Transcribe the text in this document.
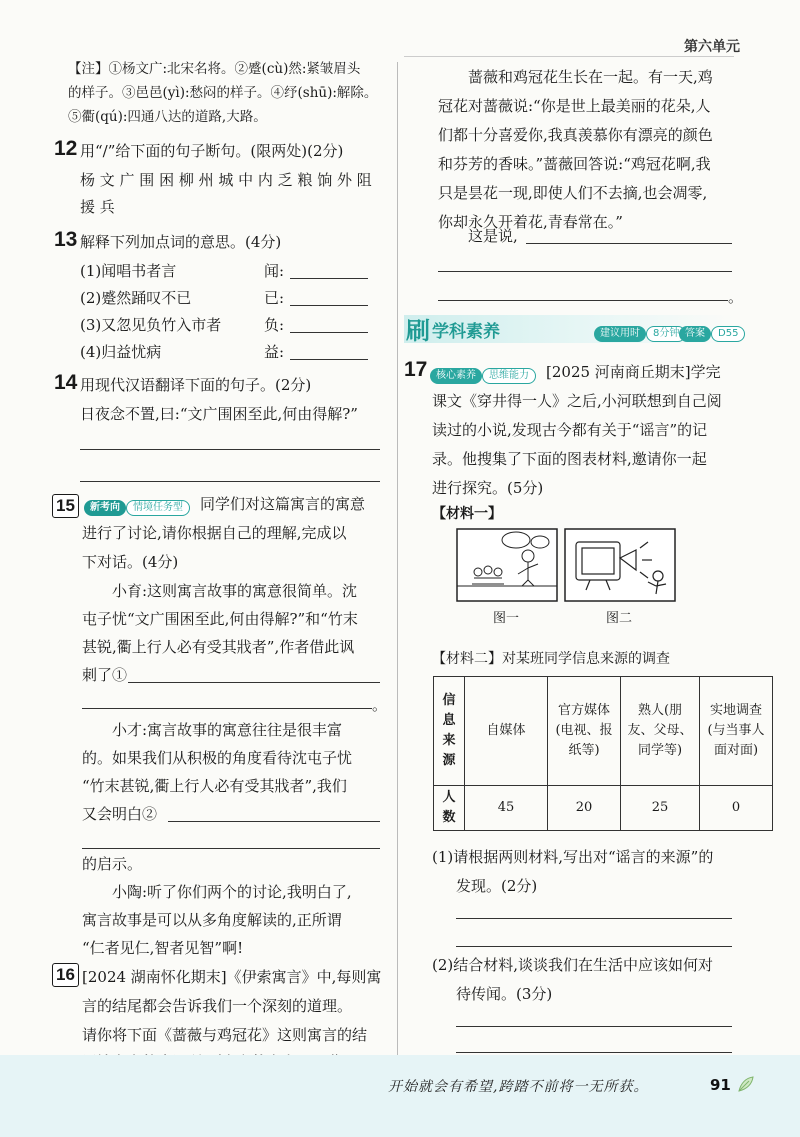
第六单元
【注】①杨文广:北宋名将。②蹙(cù)然:紧皱眉头
的样子。③邑邑(yì):愁闷的样子。④纾(shū):解除。
⑤衢(qú):四通八达的道路,大路。
12 用“/”给下面的句子断句。(限两处)(2分)
杨 文 广 围 困 柳 州 城 中 内 乏 粮 饷 外 阻
援 兵
13 解释下列加点词的意思。(4分)
(1)闻唱书者言	闻:
(2)蹙然踊叹不已	已:
(3)又忽见负竹入市者	负:
(4)归益忧病	益:
14 用现代汉语翻译下面的句子。(2分)
日夜念不置,曰:“文广围困至此,何由得解?”
15	新考向 情境任务型	同学们对这篇寓言的寓意
进行了讨论,请你根据自己的理解,完成以
下对话。(4分)
小育:这则寓言故事的寓意很简单。沈
屯子忧“文广围困至此,何由得解?”和“竹末
甚锐,衢上行人必有受其戕者”,作者借此讽
刺了①
。
小才:寓言故事的寓意往往是很丰富
的。如果我们从积极的角度看待沈屯子忧
“竹末甚锐,衢上行人必有受其戕者”,我们
又会明白②
的启示。
小陶:听了你们两个的讨论,我明白了,
寓言故事是可以从多角度解读的,正所谓
“仁者见仁,智者见智”啊!
16 [2024 湖南怀化期末]《伊索寓言》中,每则寓
言的结尾都会告诉我们一个深刻的道理。
请你将下面《蔷薇与鸡冠花》这则寓言的结
蔷薇和鸡冠花生长在一起。有一天,鸡
冠花对蔷薇说:“你是世上最美丽的花朵,人
们都十分喜爱你,我真羡慕你有漂亮的颜色
和芬芳的香味。”蔷薇回答说:“鸡冠花啊,我
只是昙花一现,即使人们不去摘,也会凋零,
你却永久开着花,青春常在。”
这是说,
。
刷 学科素养	建议用时 8分钟 答案 D55
17 核心素养 思维能力	[2025 河南商丘期末]学完
课文《穿井得一人》之后,小河联想到自己阅
读过的小说,发现古今都有关于“谣言”的记
录。他搜集了下面的图表材料,邀请你一起
进行探究。(5分)
【材料一】
图一	图二
【材料二】对某班同学信息来源的调查
信息来源	自媒体	官方媒体(电视、报纸等)	熟人(朋友、父母、同学等)	实地调查(与当事人面对面)
人数	45	20	25	0
(1)请根据两则材料,写出对“谣言的来源”的
发现。(2分)
(2)结合材料,谈谈我们在生活中应该如何对
待传闻。(3分)
开始就会有希望,跨踏不前将一无所获。	91
